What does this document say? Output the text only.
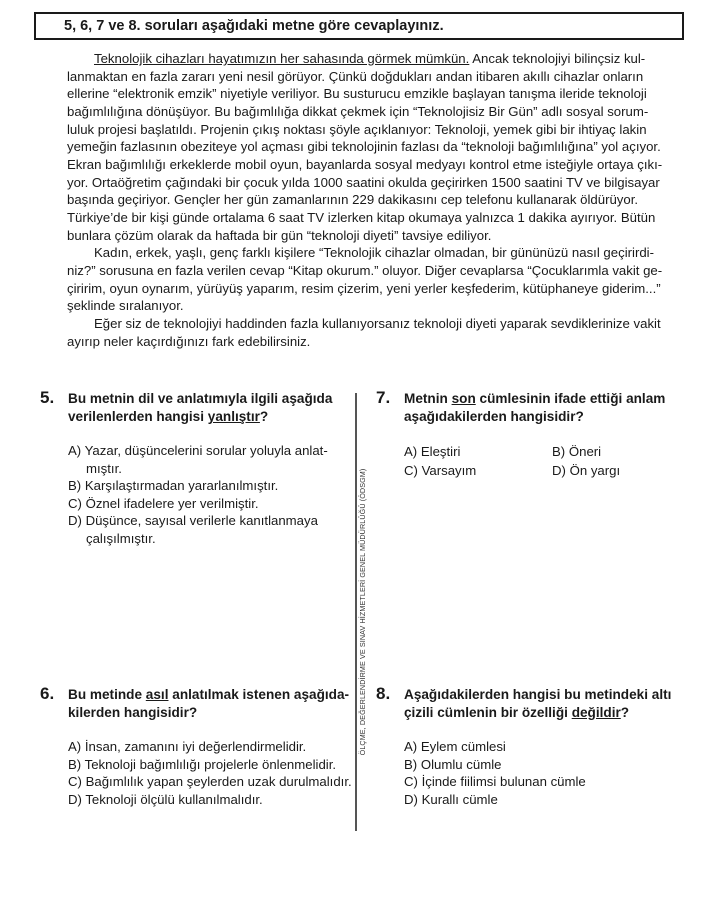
5, 6, 7 ve 8. soruları aşağıdaki metne göre cevaplayınız.
Teknolojik cihazları hayatımızın her sahasında görmek mümkün. Ancak teknolojiyi bilinçsiz kul-
lanmaktan en fazla zararı yeni nesil görüyor. Çünkü doğdukları andan itibaren akıllı cihazlar onların
ellerine “elektronik emzik” niyetiyle veriliyor. Bu susturucu emzikle başlayan tanışma ileride teknoloji
bağımlılığına dönüşüyor. Bu bağımlılığa dikkat çekmek için “Teknolojisiz Bir Gün” adlı sosyal sorum-
luluk projesi başlatıldı. Projenin çıkış noktası şöyle açıklanıyor: Teknoloji, yemek gibi bir ihtiyaç lakin
yemeğin fazlasının obeziteye yol açması gibi teknolojinin fazlası da “teknoloji bağımlılığına” yol açıyor.
Ekran bağımlılığı erkeklerde mobil oyun, bayanlarda sosyal medyayı kontrol etme isteğiyle ortaya çıkı-
yor. Ortaöğretim çağındaki bir çocuk yılda 1000 saatini okulda geçirirken 1500 saatini TV ve bilgisayar
başında geçiriyor. Gençler her gün zamanlarının 229 dakikasını cep telefonu kullanarak öldürüyor.
Türkiye’de bir kişi günde ortalama 6 saat TV izlerken kitap okumaya yalnızca 1 dakika ayırıyor. Bütün
bunlara çözüm olarak da haftada bir gün “teknoloji diyeti” tavsiye ediliyor.
Kadın, erkek, yaşlı, genç farklı kişilere “Teknolojik cihazlar olmadan, bir gününüzü nasıl geçirirdi-
niz?” sorusuna en fazla verilen cevap “Kitap okurum.” oluyor. Diğer cevaplarsa “Çocuklarımla vakit ge-
çiririm, oyun oynarım, yürüyüş yaparım, resim çizerim, yeni yerler keşfederim, kütüphaneye giderim...”
şeklinde sıralanıyor.
Eğer siz de teknolojiyi haddinden fazla kullanıyorsanız teknoloji diyeti yaparak sevdiklerinize vakit
ayırıp neler kaçırdığınızı fark edebilirsiniz.
ÖLÇME, DEĞERLENDİRME VE SINAV HİZMETLERİ GENEL MÜDÜRLÜĞÜ (ÖDSGM)
5. Bu metnin dil ve anlatımıyla ilgili aşağıda
verilenlerden hangisi yanlıştır?
A) Yazar, düşüncelerini sorular yoluyla anlat-
mıştır.
B) Karşılaştırmadan yararlanılmıştır.
C) Öznel ifadelere yer verilmiştir.
D) Düşünce, sayısal verilerle kanıtlanmaya
çalışılmıştır.
6. Bu metinde asıl anlatılmak istenen aşağıda-
kilerden hangisidir?
A) İnsan, zamanını iyi değerlendirmelidir.
B) Teknoloji bağımlılığı projelerle önlenmelidir.
C) Bağımlılık yapan şeylerden uzak durulmalıdır.
D) Teknoloji ölçülü kullanılmalıdır.
7. Metnin son cümlesinin ifade ettiği anlam
aşağıdakilerden hangisidir?
A) Eleştiri	B) Öneri
C) Varsayım	D) Ön yargı
8. Aşağıdakilerden hangisi bu metindeki altı
çizili cümlenin bir özelliği değildir?
A) Eylem cümlesi
B) Olumlu cümle
C) İçinde fiilimsi bulunan cümle
D) Kurallı cümle
